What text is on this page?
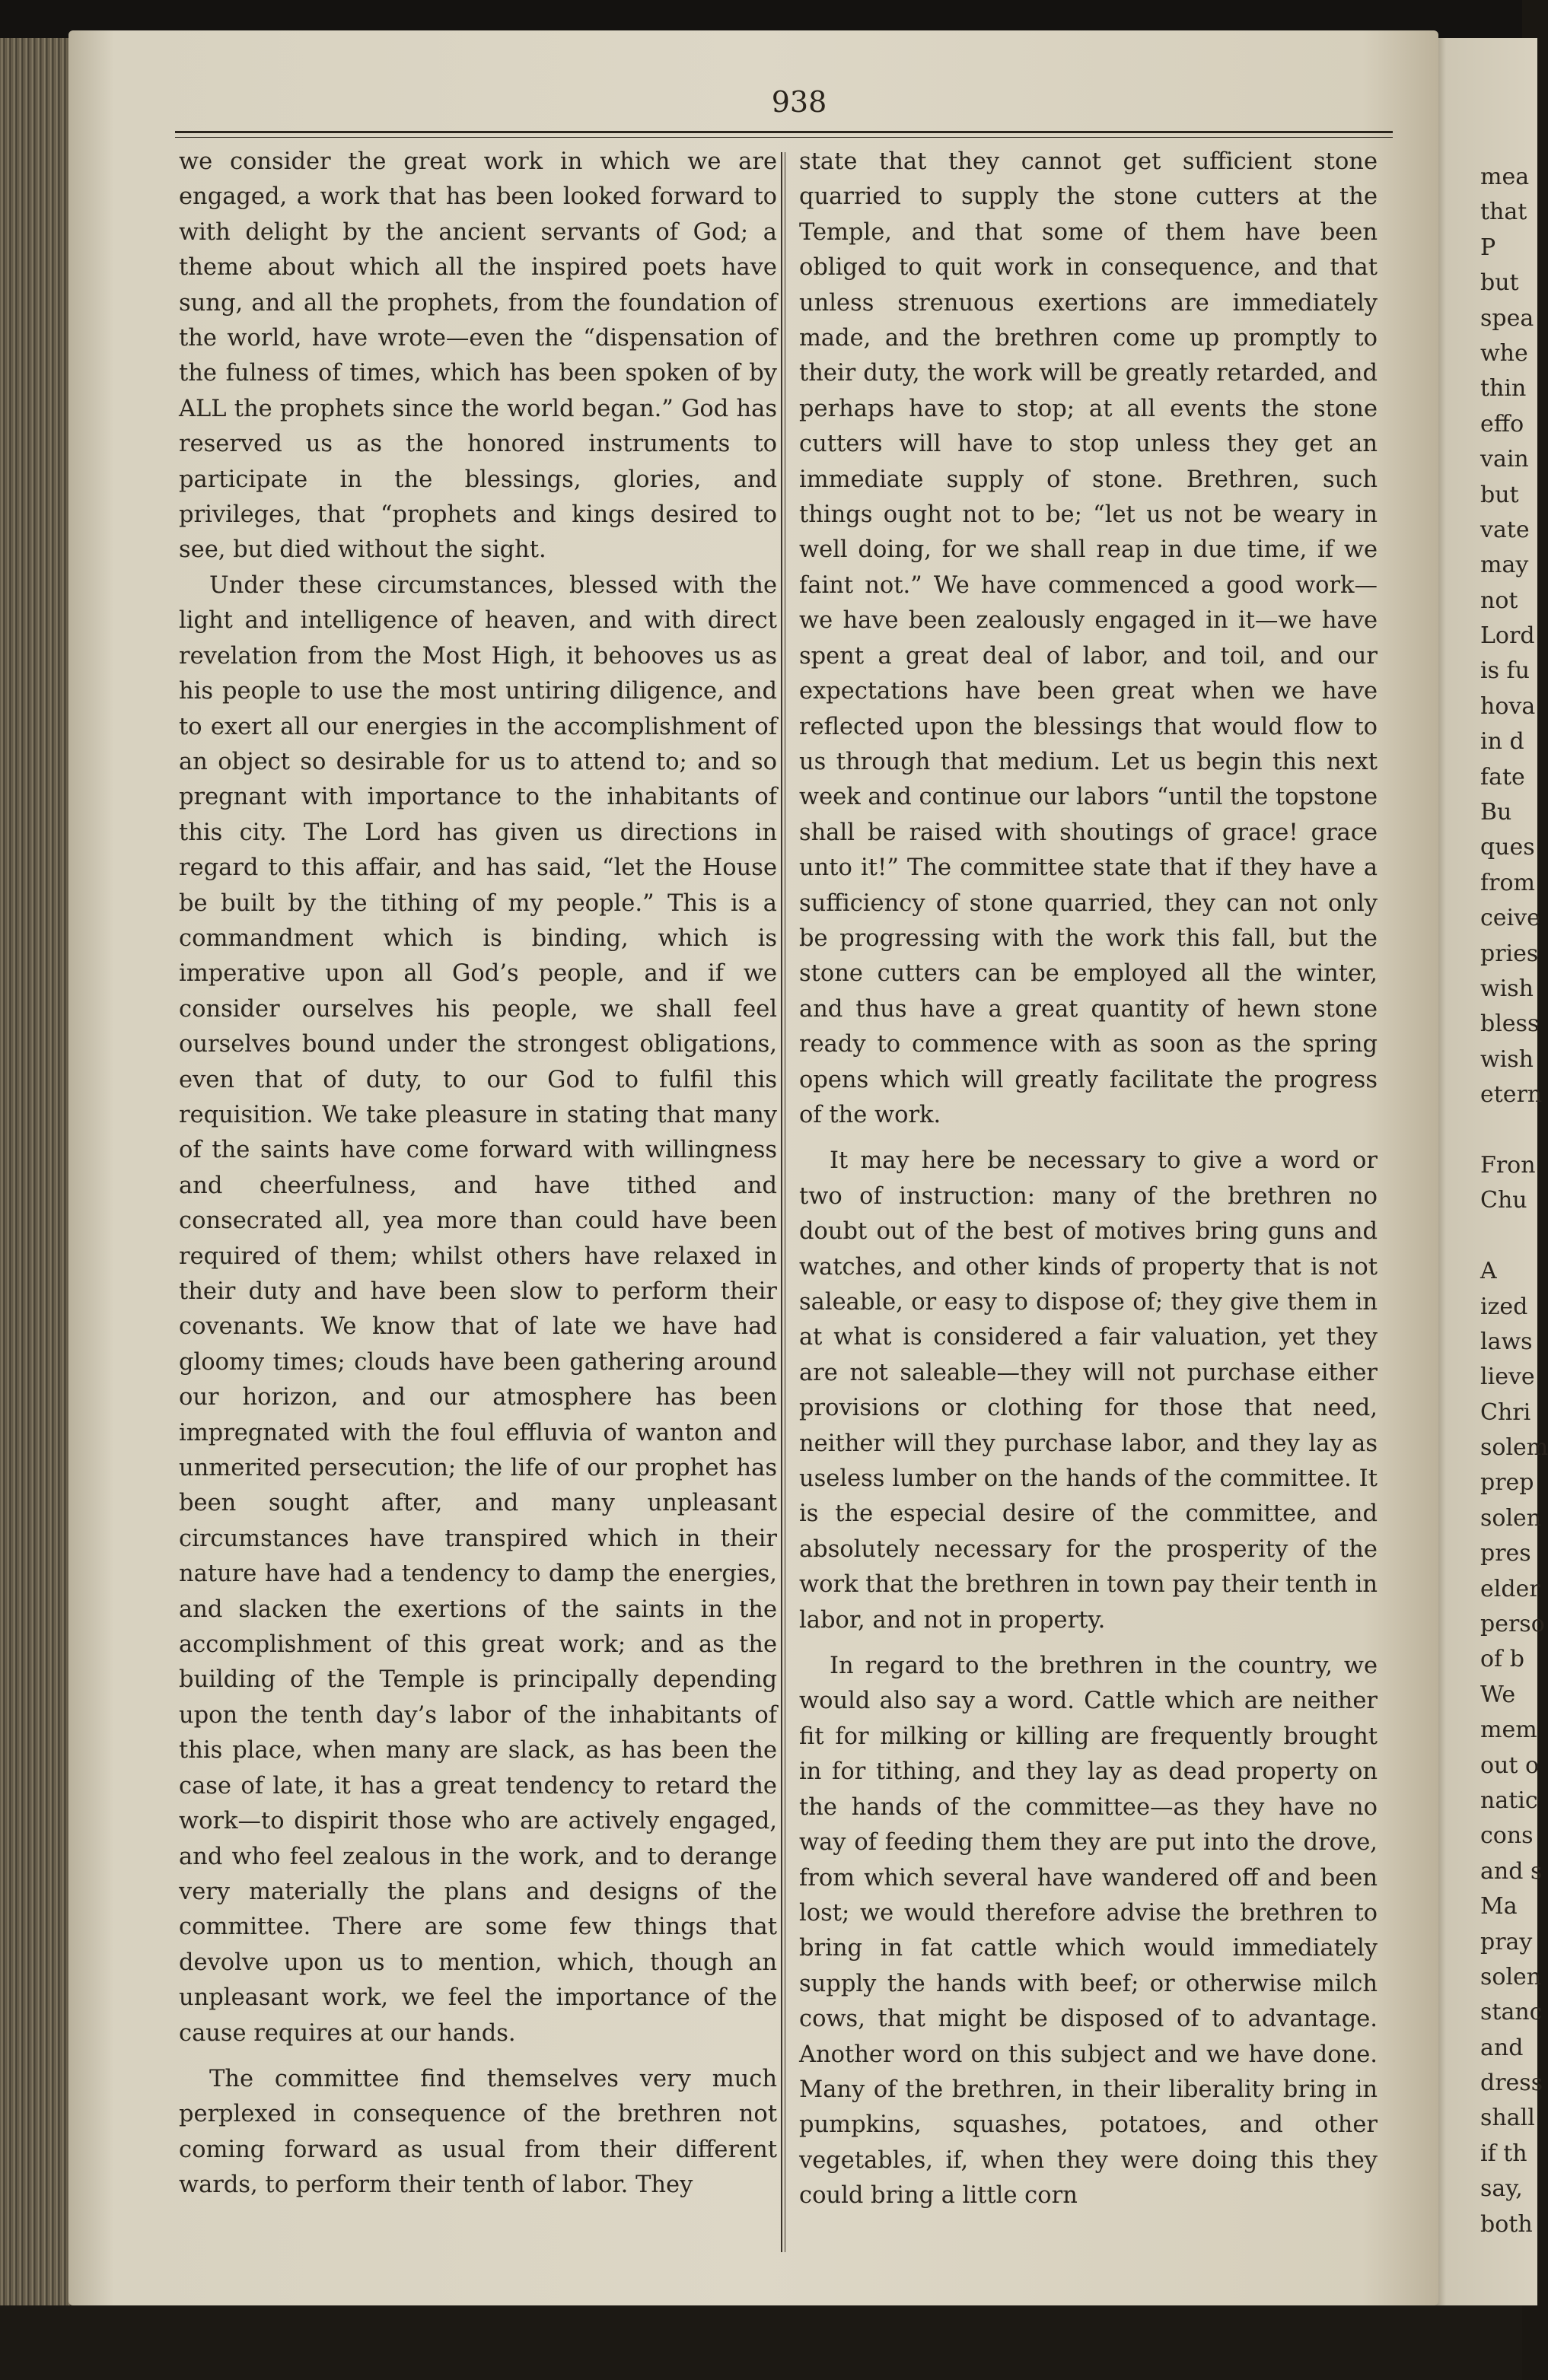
938

we consider the great work in which we are engaged, a work that has been looked forward to with delight by the ancient servants of God; a theme about which all the inspired poets have sung, and all the prophets, from the foundation of the world, have wrote—even the “dispensation of the fulness of times, which has been spoken of by ALL the prophets since the world began.” God has reserved us as the honored instruments to participate in the blessings, glories, and privileges, that “prophets and kings desired to see, but died without the sight.

Under these circumstances, blessed with the light and intelligence of heaven, and with direct revelation from the Most High, it behooves us as his people to use the most untiring diligence, and to exert all our energies in the accomplishment of an object so desirable for us to attend to; and so pregnant with importance to the inhabitants of this city. The Lord has given us directions in regard to this affair, and has said, “let the House be built by the tithing of my people.” This is a commandment which is binding, which is imperative upon all God’s people, and if we consider ourselves his people, we shall feel ourselves bound under the strongest obligations, even that of duty, to our God to fulfil this requisition. We take pleasure in stating that many of the saints have come forward with willingness and cheerfulness, and have tithed and consecrated all, yea more than could have been required of them; whilst others have relaxed in their duty and have been slow to perform their covenants. We know that of late we have had gloomy times; clouds have been gathering around our horizon, and our atmosphere has been impregnated with the foul effluvia of wanton and unmerited persecution; the life of our prophet has been sought after, and many unpleasant circumstances have transpired which in their nature have had a tendency to damp the energies, and slacken the exertions of the saints in the accomplishment of this great work; and as the building of the Temple is principally depending upon the tenth day’s labor of the inhabitants of this place, when many are slack, as has been the case of late, it has a great tendency to retard the work—to dispirit those who are actively engaged, and who feel zealous in the work, and to derange very materially the plans and designs of the committee. There are some few things that devolve upon us to mention, which, though an unpleasant work, we feel the importance of the cause requires at our hands.

The committee find themselves very much perplexed in consequence of the brethren not coming forward as usual from their different wards, to perform their tenth of labor. They

state that they cannot get sufficient stone quarried to supply the stone cutters at the Temple, and that some of them have been obliged to quit work in consequence, and that unless strenuous exertions are immediately made, and the brethren come up promptly to their duty, the work will be greatly retarded, and perhaps have to stop; at all events the stone cutters will have to stop unless they get an immediate supply of stone. Brethren, such things ought not to be; “let us not be weary in well doing, for we shall reap in due time, if we faint not.” We have commenced a good work—we have been zealously engaged in it—we have spent a great deal of labor, and toil, and our expectations have been great when we have reflected upon the blessings that would flow to us through that medium. Let us begin this next week and continue our labors “until the topstone shall be raised with shoutings of grace! grace unto it!” The committee state that if they have a sufficiency of stone quarried, they can not only be progressing with the work this fall, but the stone cutters can be employed all the winter, and thus have a great quantity of hewn stone ready to commence with as soon as the spring opens which will greatly facilitate the progress of the work.

It may here be necessary to give a word or two of instruction: many of the brethren no doubt out of the best of motives bring guns and watches, and other kinds of property that is not saleable, or easy to dispose of; they give them in at what is considered a fair valuation, yet they are not saleable—they will not purchase either provisions or clothing for those that need, neither will they purchase labor, and they lay as useless lumber on the hands of the committee. It is the especial desire of the committee, and absolutely necessary for the prosperity of the work that the brethren in town pay their tenth in labor, and not in property.

In regard to the brethren in the country, we would also say a word. Cattle which are neither fit for milking or killing are frequently brought in for tithing, and they lay as dead property on the hands of the committee—as they have no way of feeding them they are put into the drove, from which several have wandered off and been lost; we would therefore advise the brethren to bring in fat cattle which would immediately supply the hands with beef; or otherwise milch cows, that might be disposed of to advantage. Another word on this subject and we have done. Many of the brethren, in their liberality bring in pumpkins, squashes, potatoes, and other vegetables, if, when they were doing this they could bring a little corn

mea
that
P
but
spea
whe
thin
effo
vain
but
vate
may
not
Lord
is fu
hova
in d
fate
Bu
ques
from
ceive
pries
wish
bless
wish
etern
Fron
Chu
A
ized
laws
lieve
Chri
solem
prep
solen
pres
elder
perso
of b
We
mem
out o
natic
cons
and s
Ma
pray
solen
stanc
and
dress
shall
if th
say,
both
